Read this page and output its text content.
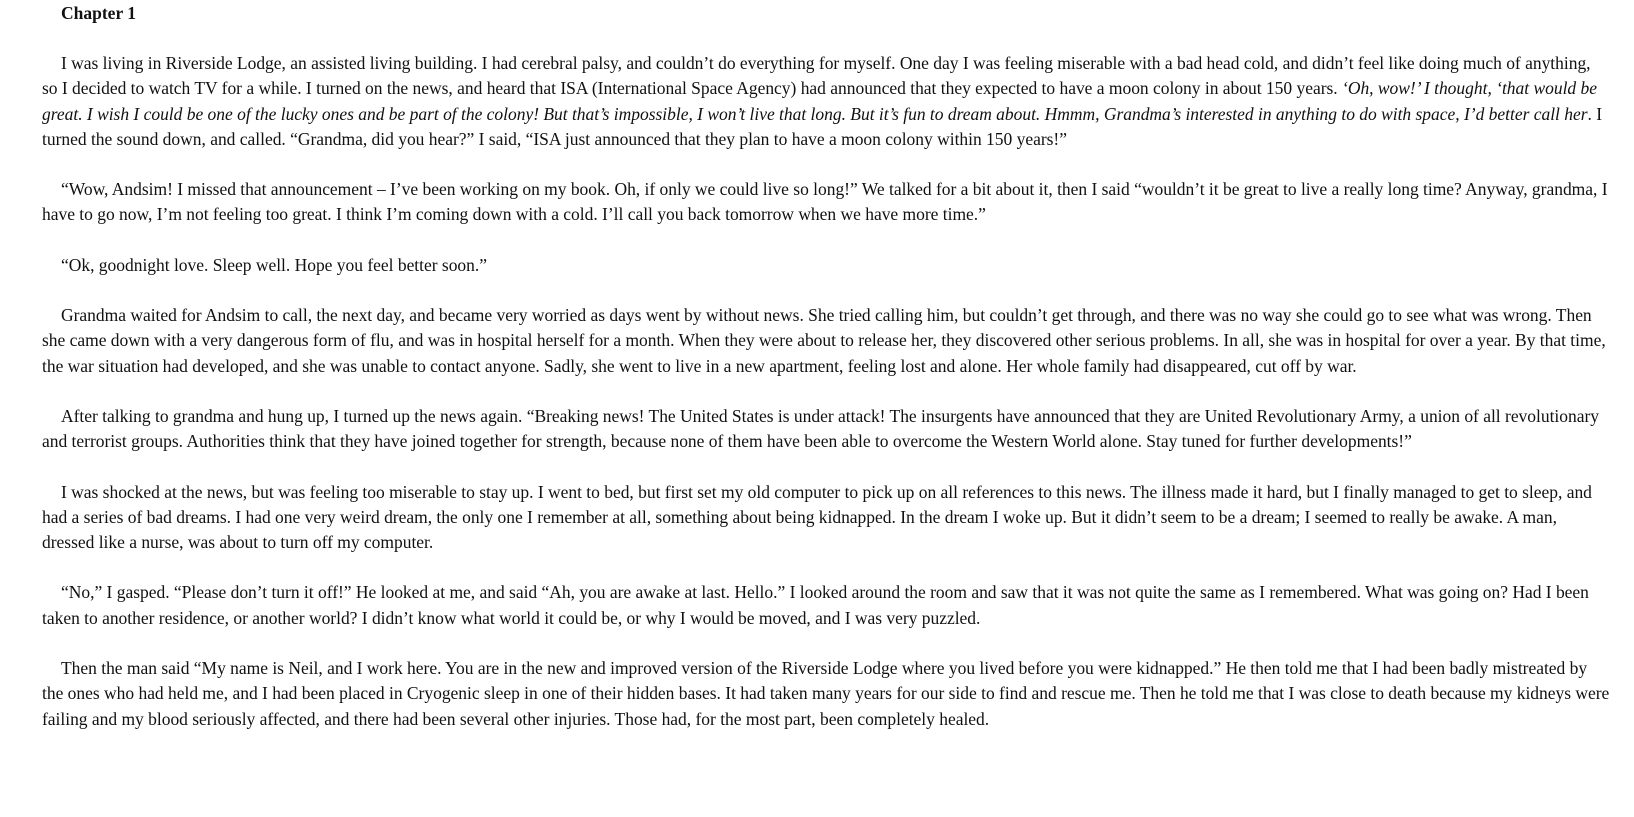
Chapter 1

I was living in Riverside Lodge, an assisted living building. I had cerebral palsy, and couldn’t do everything for myself. One day I was feeling miserable with a bad head cold, and didn’t feel like doing much of anything, so I decided to watch TV for a while. I turned on the news, and heard that ISA (International Space Agency) had announced that they expected to have a moon colony in about 150 years. ‘Oh, wow!’ I thought, ‘that would be great. I wish I could be one of the lucky ones and be part of the colony! But that’s impossible, I won’t live that long. But it’s fun to dream about. Hmmm, Grandma’s interested in anything to do with space, I’d better call her. I turned the sound down, and called. “Grandma, did you hear?” I said, “ISA just announced that they plan to have a moon colony within 150 years!”

“Wow, Andsim! I missed that announcement – I’ve been working on my book. Oh, if only we could live so long!” We talked for a bit about it, then I said “wouldn’t it be great to live a really long time? Anyway, grandma, I have to go now, I’m not feeling too great. I think I’m coming down with a cold. I’ll call you back tomorrow when we have more time.”

“Ok, goodnight love. Sleep well. Hope you feel better soon.”

Grandma waited for Andsim to call, the next day, and became very worried as days went by without news. She tried calling him, but couldn’t get through, and there was no way she could go to see what was wrong. Then she came down with a very dangerous form of flu, and was in hospital herself for a month. When they were about to release her, they discovered other serious problems. In all, she was in hospital for over a year. By that time, the war situation had developed, and she was unable to contact anyone. Sadly, she went to live in a new apartment, feeling lost and alone. Her whole family had disappeared, cut off by war.

After talking to grandma and hung up, I turned up the news again. “Breaking news! The United States is under attack! The insurgents have announced that they are United Revolutionary Army, a union of all revolutionary and terrorist groups. Authorities think that they have joined together for strength, because none of them have been able to overcome the Western World alone. Stay tuned for further developments!”

I was shocked at the news, but was feeling too miserable to stay up. I went to bed, but first set my old computer to pick up on all references to this news. The illness made it hard, but I finally managed to get to sleep, and had a series of bad dreams. I had one very weird dream, the only one I remember at all, something about being kidnapped. In the dream I woke up. But it didn’t seem to be a dream; I seemed to really be awake. A man, dressed like a nurse, was about to turn off my computer.

“No,” I gasped. “Please don’t turn it off!” He looked at me, and said “Ah, you are awake at last. Hello.” I looked around the room and saw that it was not quite the same as I remembered. What was going on? Had I been taken to another residence, or another world? I didn’t know what world it could be, or why I would be moved, and I was very puzzled.

Then the man said “My name is Neil, and I work here. You are in the new and improved version of the Riverside Lodge where you lived before you were kidnapped.” He then told me that I had been badly mistreated by the ones who had held me, and I had been placed in Cryogenic sleep in one of their hidden bases. It had taken many years for our side to find and rescue me. Then he told me that I was close to death because my kidneys were failing and my blood seriously affected, and there had been several other injuries. Those had, for the most part, been completely healed.
